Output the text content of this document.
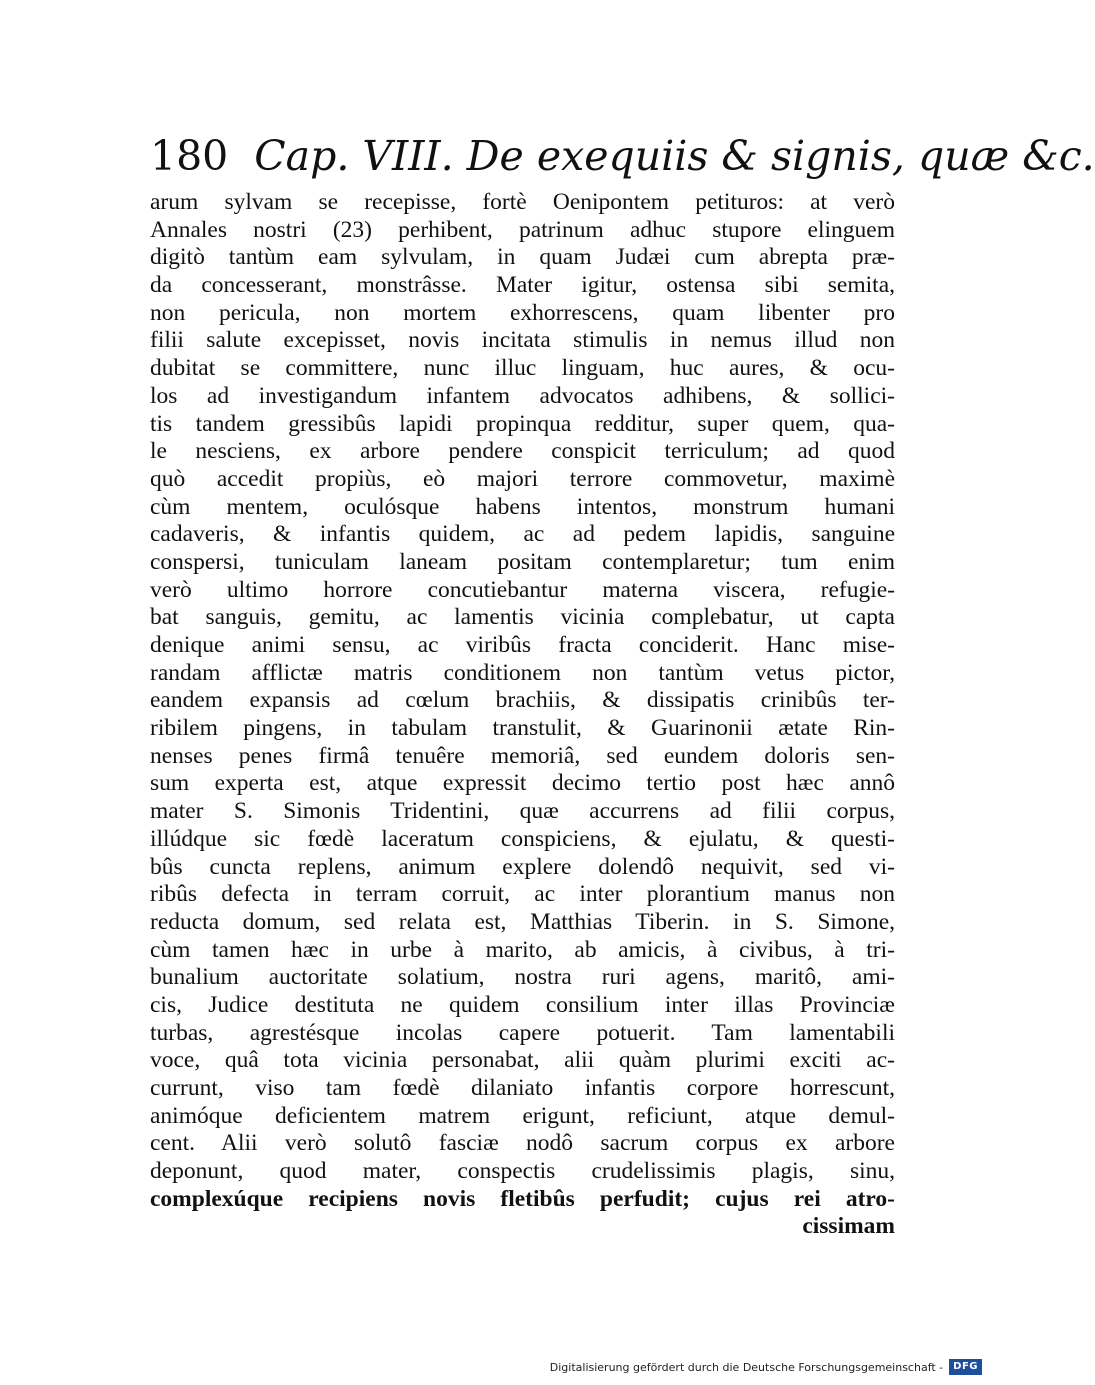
180 Cap. VIII. De exequiis & signis, quæ &c.
arum sylvam se recepisse, fortè Oenipontem petituros: at verò
Annales nostri (23) perhibent, patrinum adhuc stupore elinguem
digitò tantùm eam sylvulam, in quam Judæi cum abrepta præ-
da concesserant, monstrâsse. Mater igitur, ostensa sibi semita,
non pericula, non mortem exhorrescens, quam libenter pro
filii salute excepisset, novis incitata stimulis in nemus illud non
dubitat se committere, nunc illuc linguam, huc aures, & ocu-
los ad investigandum infantem advocatos adhibens, & sollici-
tis tandem gressibûs lapidi propinqua redditur, super quem, qua-
le nesciens, ex arbore pendere conspicit terriculum; ad quod
quò accedit propiùs, eò majori terrore commovetur, maximè
cùm mentem, oculósque habens intentos, monstrum humani
cadaveris, & infantis quidem, ac ad pedem lapidis, sanguine
conspersi, tuniculam laneam positam contemplaretur; tum enim
verò ultimo horrore concutiebantur materna viscera, refugie-
bat sanguis, gemitu, ac lamentis vicinia complebatur, ut capta
denique animi sensu, ac viribûs fracta conciderit. Hanc mise-
randam afflictæ matris conditionem non tantùm vetus pictor,
eandem expansis ad cœlum brachiis, & dissipatis crinibûs ter-
ribilem pingens, in tabulam transtulit, & Guarinonii ætate Rin-
nenses penes firmâ tenuêre memoriâ, sed eundem doloris sen-
sum experta est, atque expressit decimo tertio post hæc annô
mater S. Simonis Tridentini, quæ accurrens ad filii corpus,
illúdque sic fœdè laceratum conspiciens, & ejulatu, & questi-
bûs cuncta replens, animum explere dolendô nequivit, sed vi-
ribûs defecta in terram corruit, ac inter plorantium manus non
reducta domum, sed relata est, Matthias Tiberin. in S. Simone,
cùm tamen hæc in urbe à marito, ab amicis, à civibus, à tri-
bunalium auctoritate solatium, nostra ruri agens, maritô, ami-
cis, Judice destituta ne quidem consilium inter illas Provinciæ
turbas, agrestésque incolas capere potuerit. Tam lamentabili
voce, quâ tota vicinia personabat, alii quàm plurimi exciti ac-
currunt, viso tam fœdè dilaniato infantis corpore horrescunt,
animóque deficientem matrem erigunt, reficiunt, atque demul-
cent. Alii verò solutô fasciæ nodô sacrum corpus ex arbore
deponunt, quod mater, conspectis crudelissimis plagis, sinu,
complexúque recipiens novis fletibûs perfudit; cujus rei atro-
cissimam
Digitalisierung gefördert durch die Deutsche Forschungsgemeinschaft -	DFG
